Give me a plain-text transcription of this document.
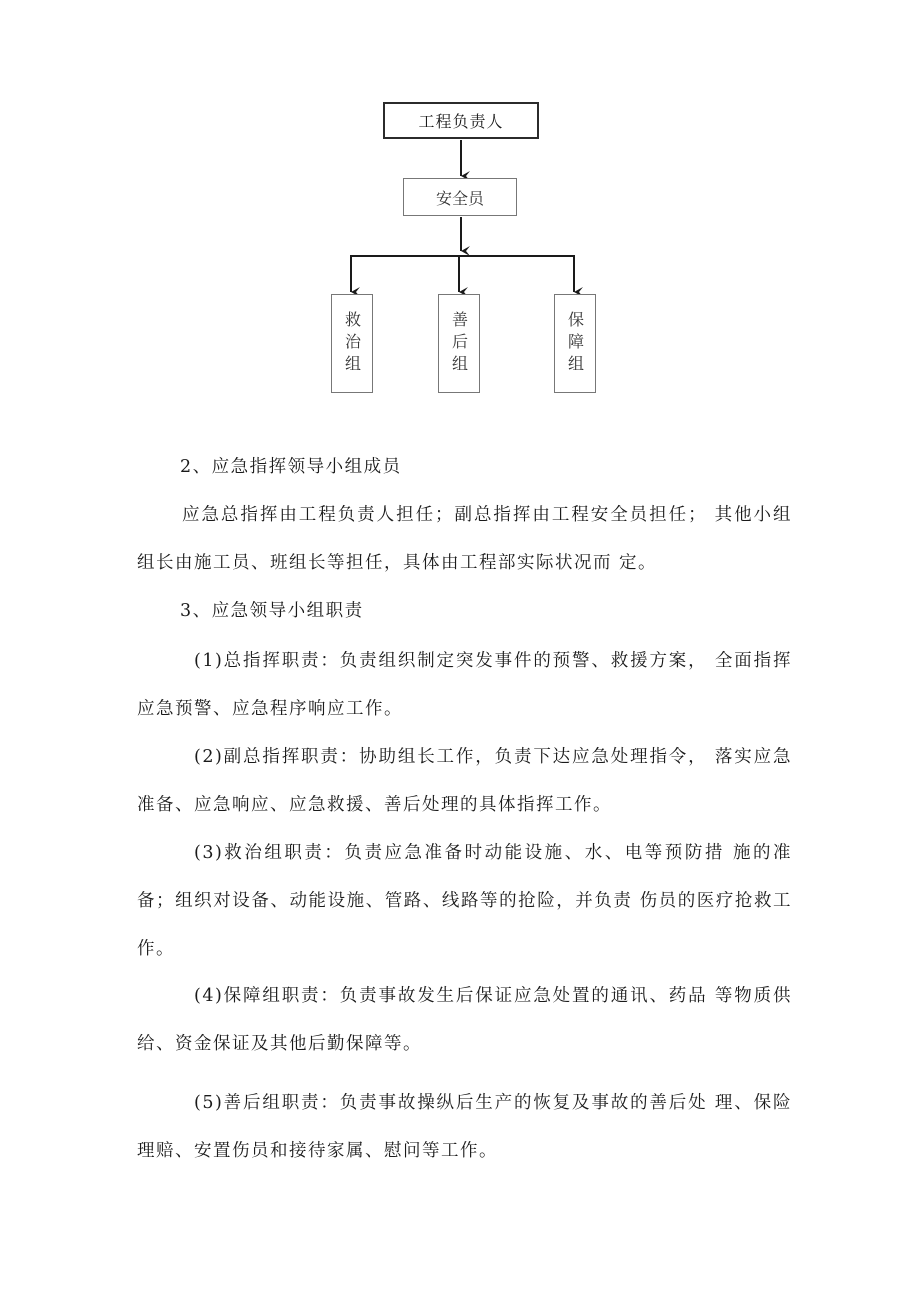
工程负责人
安全员
救治组	善后组	保障组

2、应急指挥领导小组成员

应急总指挥由工程负责人担任；副总指挥由工程安全员担任； 其他小组组长由施工员、班组长等担任，具体由工程部实际状况而 定。

3、应急领导小组职责

(1)总指挥职责：负责组织制定突发事件的预警、救援方案， 全面指挥应急预警、应急程序响应工作。

(2)副总指挥职责：协助组长工作，负责下达应急处理指令， 落实应急准备、应急响应、应急救援、善后处理的具体指挥工作。

(3)救治组职责：负责应急准备时动能设施、水、电等预防措 施的准备；组织对设备、动能设施、管路、线路等的抢险，并负责 伤员的医疗抢救工作。

(4)保障组职责：负责事故发生后保证应急处置的通讯、药品 等物质供给、资金保证及其他后勤保障等。

(5)善后组职责：负责事故操纵后生产的恢复及事故的善后处 理、保险理赔、安置伤员和接待家属、慰问等工作。
